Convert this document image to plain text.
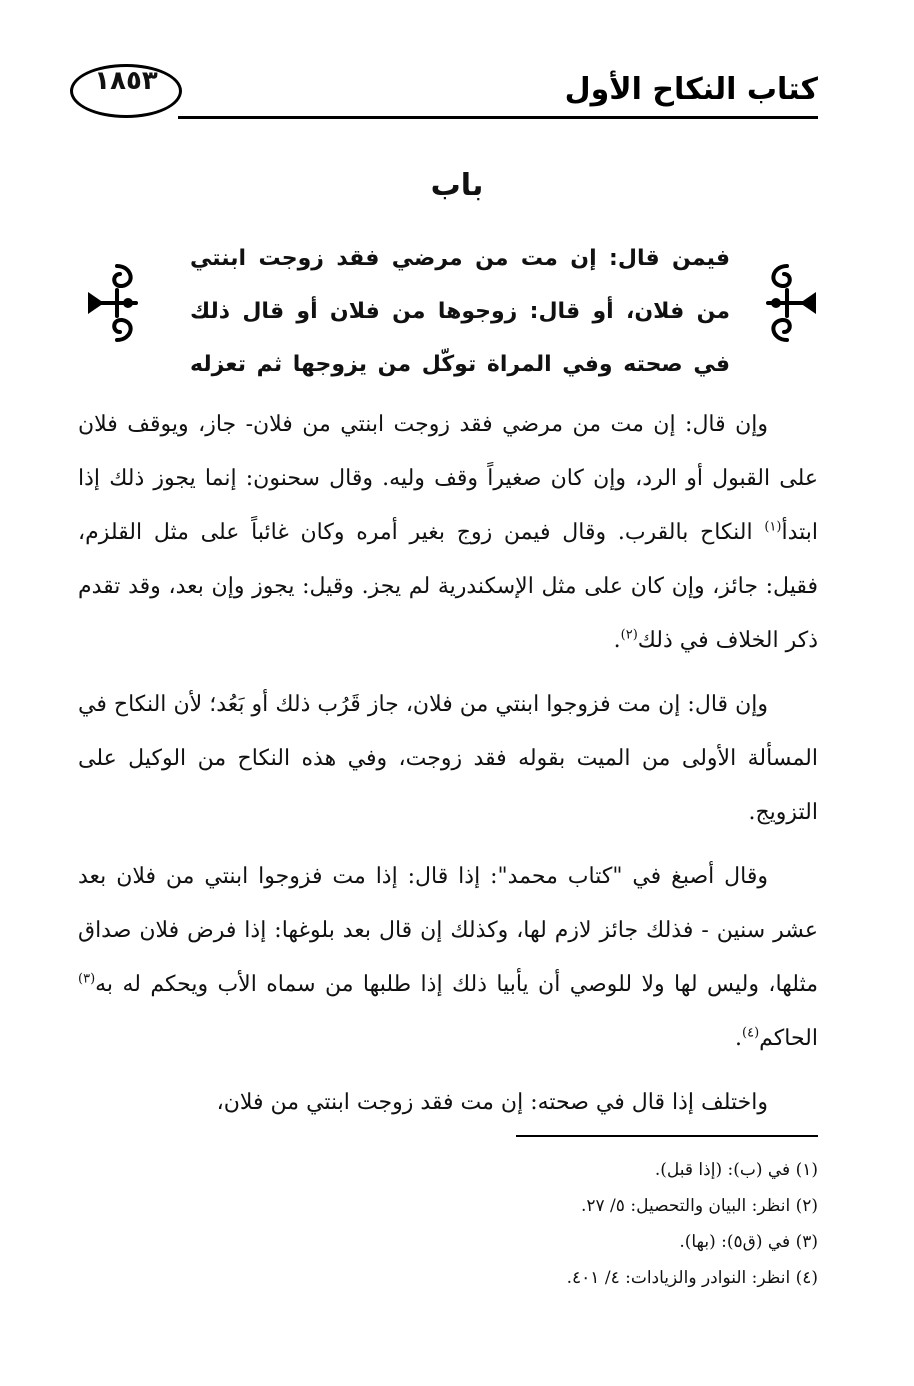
كتاب النكاح الأول
١٨٥٣
باب
فيمن قال: إن مت من مرضي فقد زوجت ابنتي من فلان، أو قال: زوجوها من فلان أو قال ذلك في صحته وفي المراة توكّل من يزوجها ثم تعزله

وإن قال: إن مت من مرضي فقد زوجت ابنتي من فلان- جاز، ويوقف فلان على القبول أو الرد، وإن كان صغيراً وقف وليه. وقال سحنون: إنما يجوز ذلك إذا ابتدأ$^{(١)}$ النكاح بالقرب. وقال فيمن زوج بغير أمره وكان غائباً على مثل القلزم، فقيل: جائز، وإن كان على مثل الإسكندرية لم يجز. وقيل: يجوز وإن بعد، وقد تقدم ذكر الخلاف في ذلك$^{(٢)}$.

وإن قال: إن مت فزوجوا ابنتي من فلان، جاز قَرُب ذلك أو بَعُد؛ لأن النكاح في المسألة الأولى من الميت بقوله فقد زوجت، وفي هذه النكاح من الوكيل على التزويج.

وقال أصبغ في "كتاب محمد": إذا قال: إذا مت فزوجوا ابنتي من فلان بعد عشر سنين - فذلك جائز لازم لها، وكذلك إن قال بعد بلوغها: إذا فرض فلان صداق مثلها، وليس لها ولا للوصي أن يأبيا ذلك إذا طلبها من سماه الأب ويحكم له به$^{(٣)}$ الحاكم$^{(٤)}$.

واختلف إذا قال في صحته: إن مت فقد زوجت ابنتي من فلان،

(١) في (ب): (إذا قبل).
(٢) انظر: البيان والتحصيل: ٥/ ٢٧.
(٣) في (ق٥): (بها).
(٤) انظر: النوادر والزيادات: ٤/ ٤٠١.
